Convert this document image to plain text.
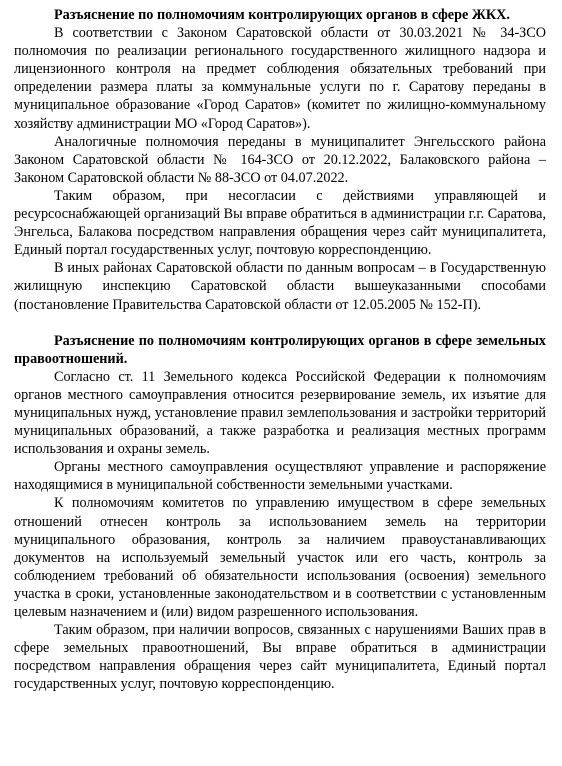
Разъяснение по полномочиям контролирующих органов в сфере ЖКХ.

В соответствии с Законом Саратовской области от 30.03.2021 № 34-ЗСО полномочия по реализации регионального государственного жилищного надзора и лицензионного контроля на предмет соблюдения обязательных требований при определении размера платы за коммунальные услуги по г. Саратову переданы в муниципальное образование «Город Саратов» (комитет по жилищно-коммунальному хозяйству администрации МО «Город Саратов»).

Аналогичные полномочия переданы в муниципалитет Энгельсского района Законом Саратовской области № 164-ЗСО от 20.12.2022, Балаковского района – Законом Саратовской области № 88-ЗСО от 04.07.2022.

Таким образом, при несогласии с действиями управляющей и ресурсоснабжающей организаций Вы вправе обратиться в администрации г.г. Саратова, Энгельса, Балакова посредством направления обращения через сайт муниципалитета, Единый портал государственных услуг, почтовую корреспонденцию.

В иных районах Саратовской области по данным вопросам – в Государственную жилищную инспекцию Саратовской области вышеуказанными способами (постановление Правительства Саратовской области от 12.05.2005 № 152-П).

Разъяснение по полномочиям контролирующих органов в сфере земельных правоотношений.

Согласно ст. 11 Земельного кодекса Российской Федерации к полномочиям органов местного самоуправления относится резервирование земель, их изъятие для муниципальных нужд, установление правил землепользования и застройки территорий муниципальных образований, а также разработка и реализация местных программ использования и охраны земель.

Органы местного самоуправления осуществляют управление и распоряжение находящимися в муниципальной собственности земельными участками.

К полномочиям комитетов по управлению имуществом в сфере земельных отношений отнесен контроль за использованием земель на территории муниципального образования, контроль за наличием правоустанавливающих документов на используемый земельный участок или его часть, контроль за соблюдением требований об обязательности использования (освоения) земельного участка в сроки, установленные законодательством и в соответствии с установленным целевым назначением и (или) видом разрешенного использования.

Таким образом, при наличии вопросов, связанных с нарушениями Ваших прав в сфере земельных правоотношений, Вы вправе обратиться в администрации посредством направления обращения через сайт муниципалитета, Единый портал государственных услуг, почтовую корреспонденцию.
